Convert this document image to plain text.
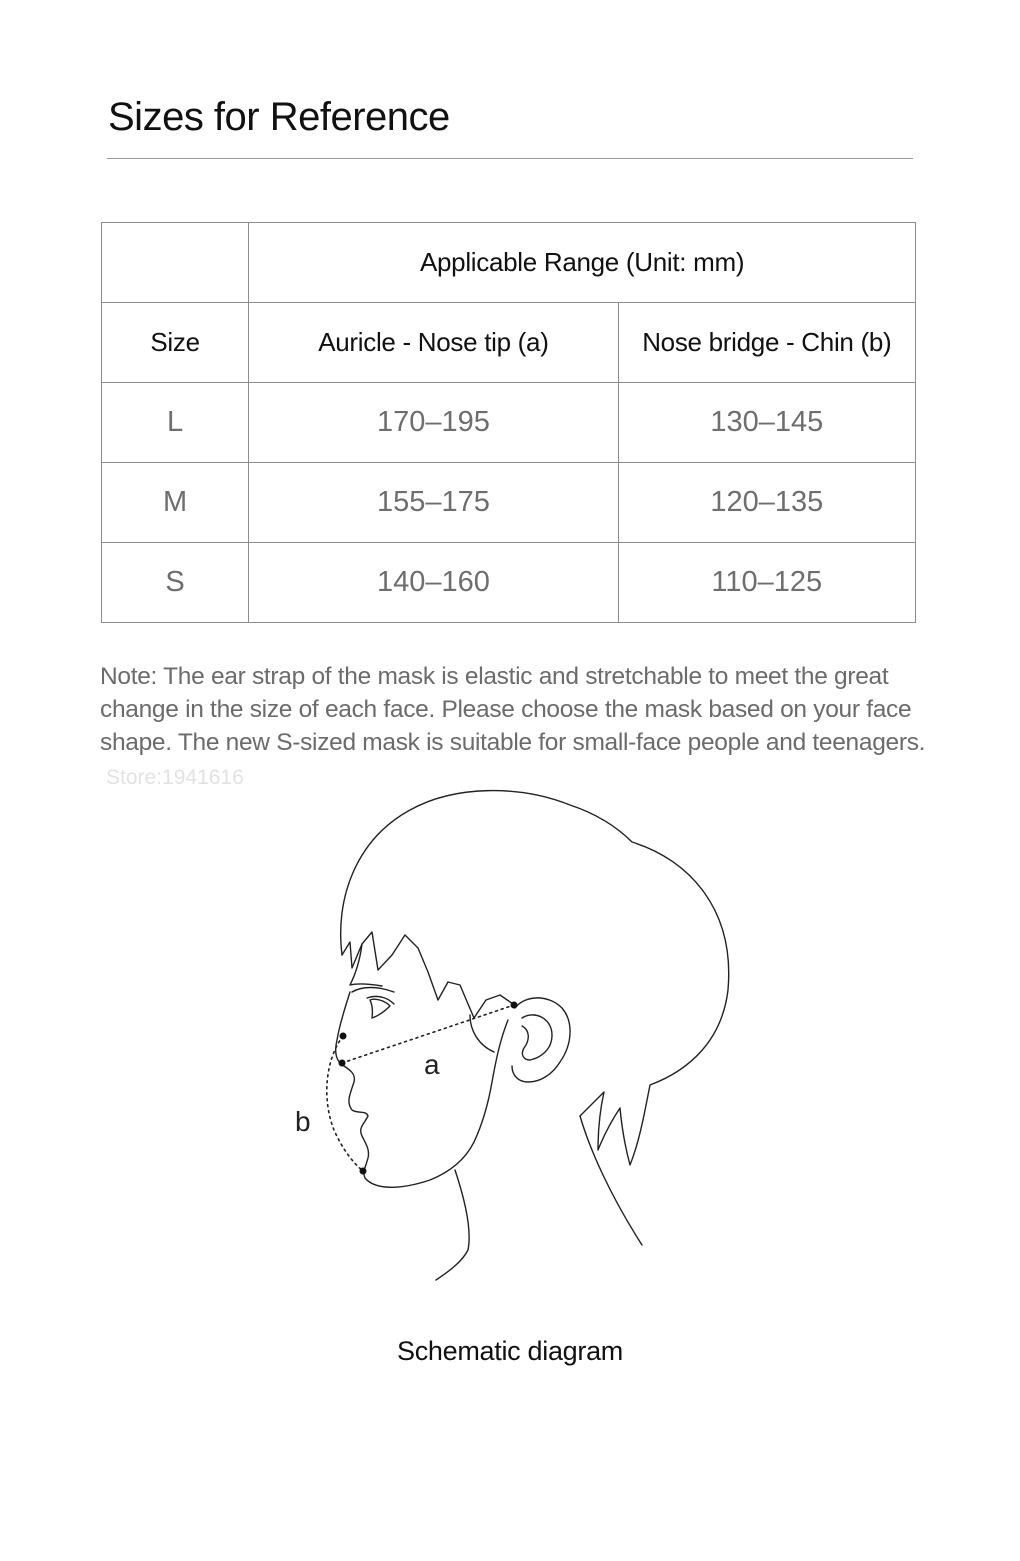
Sizes for Reference
	Applicable Range (Unit: mm)	
Size	Auricle - Nose tip (a)	Nose bridge - Chin (b)
L	170–195	130–145
M	155–175	120–135
S	140–160	110–125
Note: The ear strap of the mask is elastic and stretchable to meet the great change in the size of each face. Please choose the mask based on your face shape. The new S-sized mask is suitable for small-face people and teenagers.
Store:1941616
a
b
Schematic diagram
